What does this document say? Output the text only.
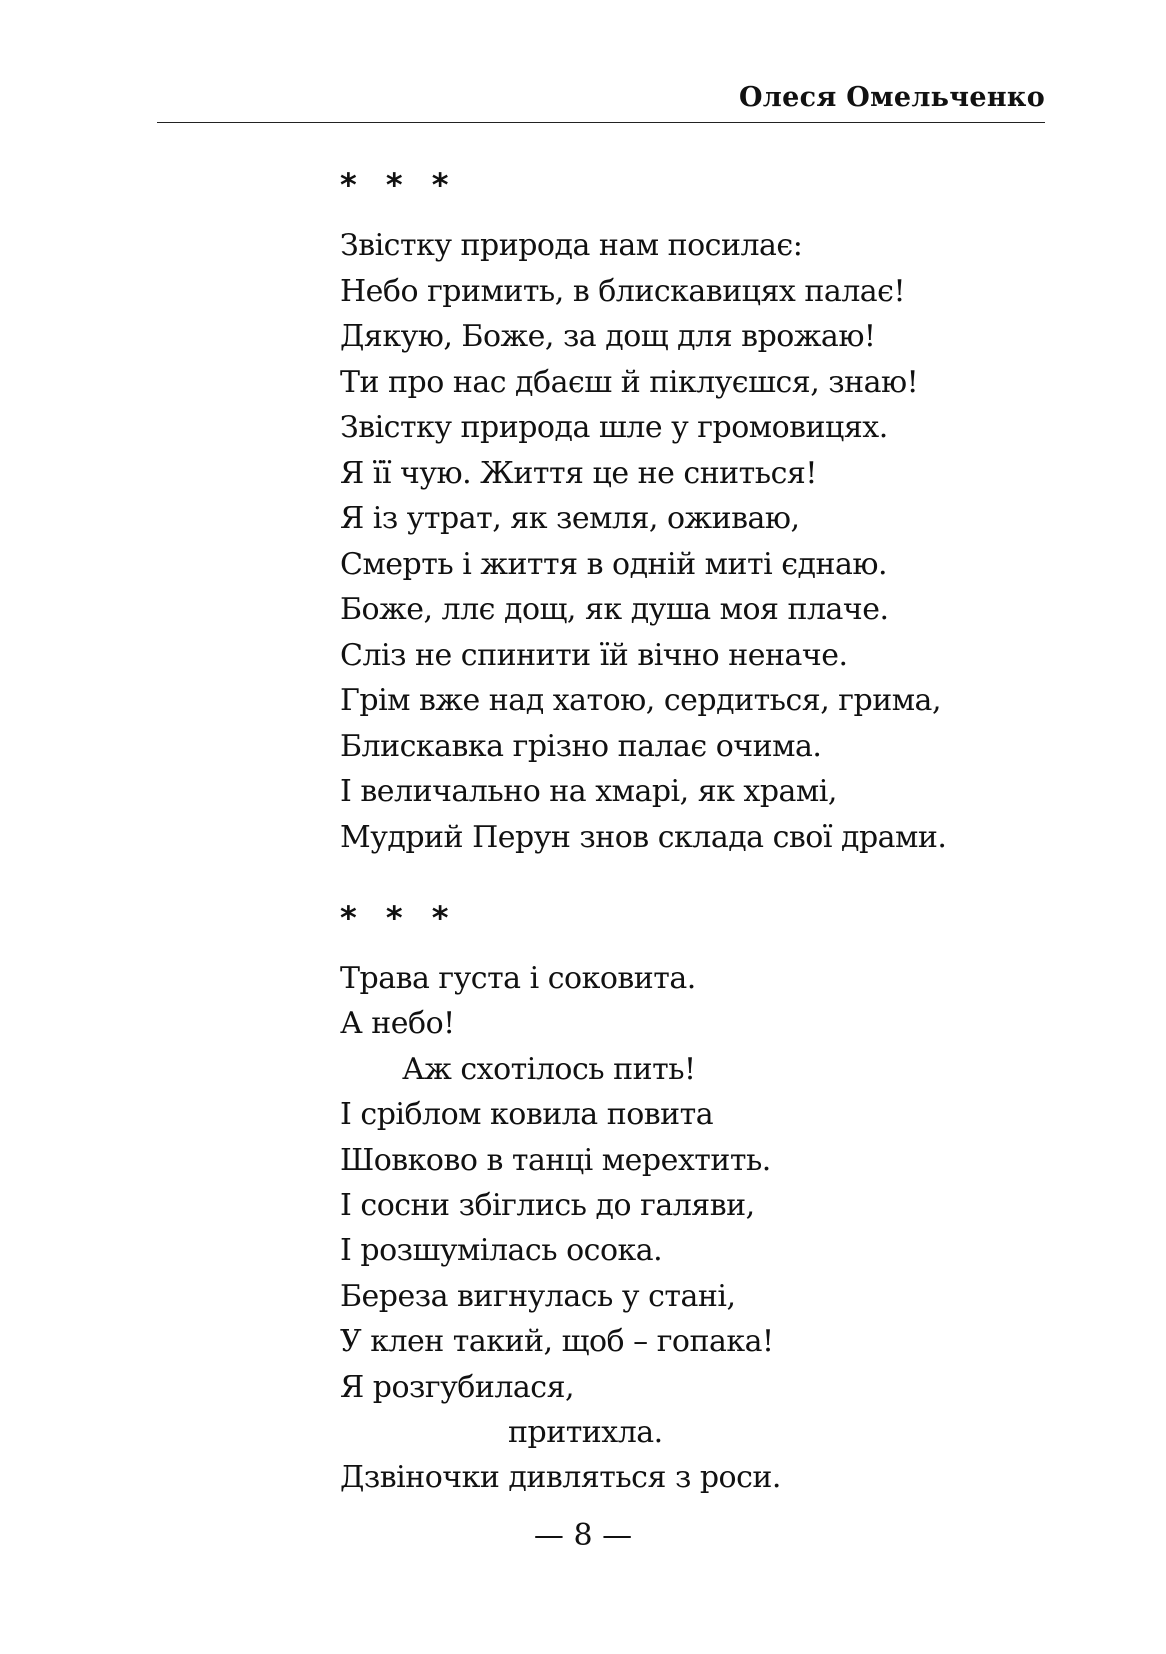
Олеся Омельченко
* * *
Звістку природа нам посилає:
Небо гримить, в блискавицях палає!
Дякую, Боже, за дощ для врожаю!
Ти про нас дбаєш й піклуєшся, знаю!
Звістку природа шле у громовицях.
Я її чую. Життя це не сниться!
Я із утрат, як земля, оживаю,
Смерть і життя в одній миті єднаю.
Боже, ллє дощ, як душа моя плаче.
Сліз не спинити їй вічно неначе.
Грім вже над хатою, сердиться, грима,
Блискавка грізно палає очима.
І величально на хмарі, як храмі,
Мудрий Перун знов склада свої драми.
* * *
Трава густа і соковита.
А небо!
Аж схотілось пить!
І сріблом ковила повита
Шовково в танці мерехтить.
І сосни збіглись до галяви,
І розшумілась осока.
Береза вигнулась у стані,
У клен такий, щоб – гопака!
Я розгубилася,
притихла.
Дзвіночки дивляться з роси.
— 8 —
